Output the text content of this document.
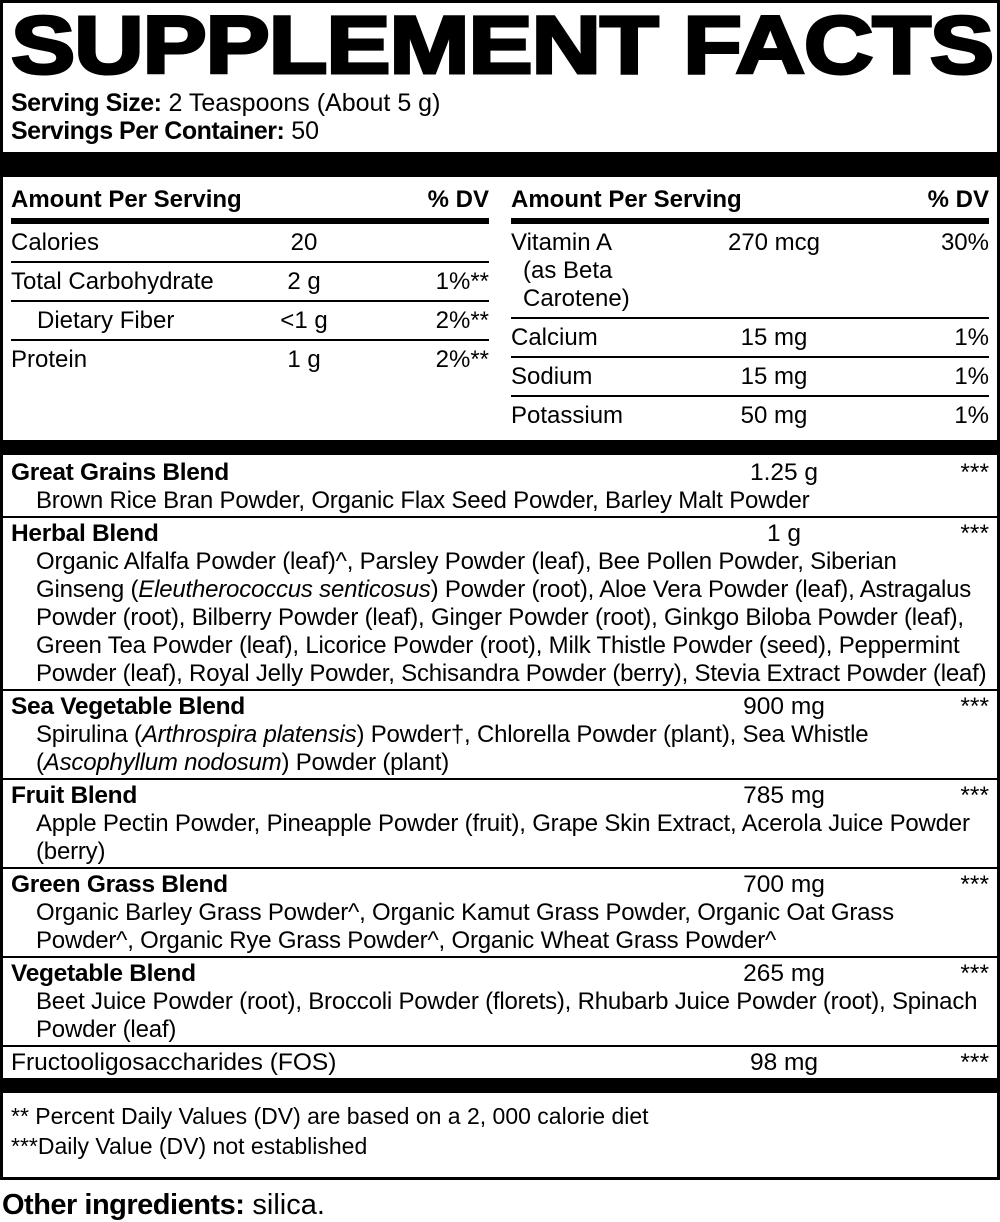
SUPPLEMENT FACTS
Serving Size: 2 Teaspoons (About 5 g)
Servings Per Container: 50
Amount Per Serving	% DV
Calories	20
Total Carbohydrate	2 g	1%**
Dietary Fiber	<1 g	2%**
Protein	1 g	2%**
Amount Per Serving	% DV
Vitamin A
(as Beta Carotene)
270 mcg	30%
Calcium	15 mg	1%
Sodium	15 mg	1%
Potassium	50 mg	1%
Great Grains Blend	1.25 g	***
Brown Rice Bran Powder, Organic Flax Seed Powder, Barley Malt Powder
Herbal Blend	1 g	***
Organic Alfalfa Powder (leaf)^, Parsley Powder (leaf), Bee Pollen Powder, Siberian Ginseng (Eleutherococcus senticosus) Powder (root), Aloe Vera Powder (leaf), Astragalus Powder (root), Bilberry Powder (leaf), Ginger Powder (root), Ginkgo Biloba Powder (leaf), Green Tea Powder (leaf), Licorice Powder (root), Milk Thistle Powder (seed), Peppermint Powder (leaf), Royal Jelly Powder, Schisandra Powder (berry), Stevia Extract Powder (leaf)
Sea Vegetable Blend	900 mg	***
Spirulina (Arthrospira platensis) Powder†, Chlorella Powder (plant), Sea Whistle (Ascophyllum nodosum) Powder (plant)
Fruit Blend	785 mg	***
Apple Pectin Powder, Pineapple Powder (fruit), Grape Skin Extract, Acerola Juice Powder (berry)
Green Grass Blend	700 mg	***
Organic Barley Grass Powder^, Organic Kamut Grass Powder, Organic Oat Grass Powder^, Organic Rye Grass Powder^, Organic Wheat Grass Powder^
Vegetable Blend	265 mg	***
Beet Juice Powder (root), Broccoli Powder (florets), Rhubarb Juice Powder (root), Spinach Powder (leaf)
Fructooligosaccharides (FOS)	98 mg	***
** Percent Daily Values (DV) are based on a 2, 000 calorie diet
***Daily Value (DV) not established
Other ingredients: silica.
